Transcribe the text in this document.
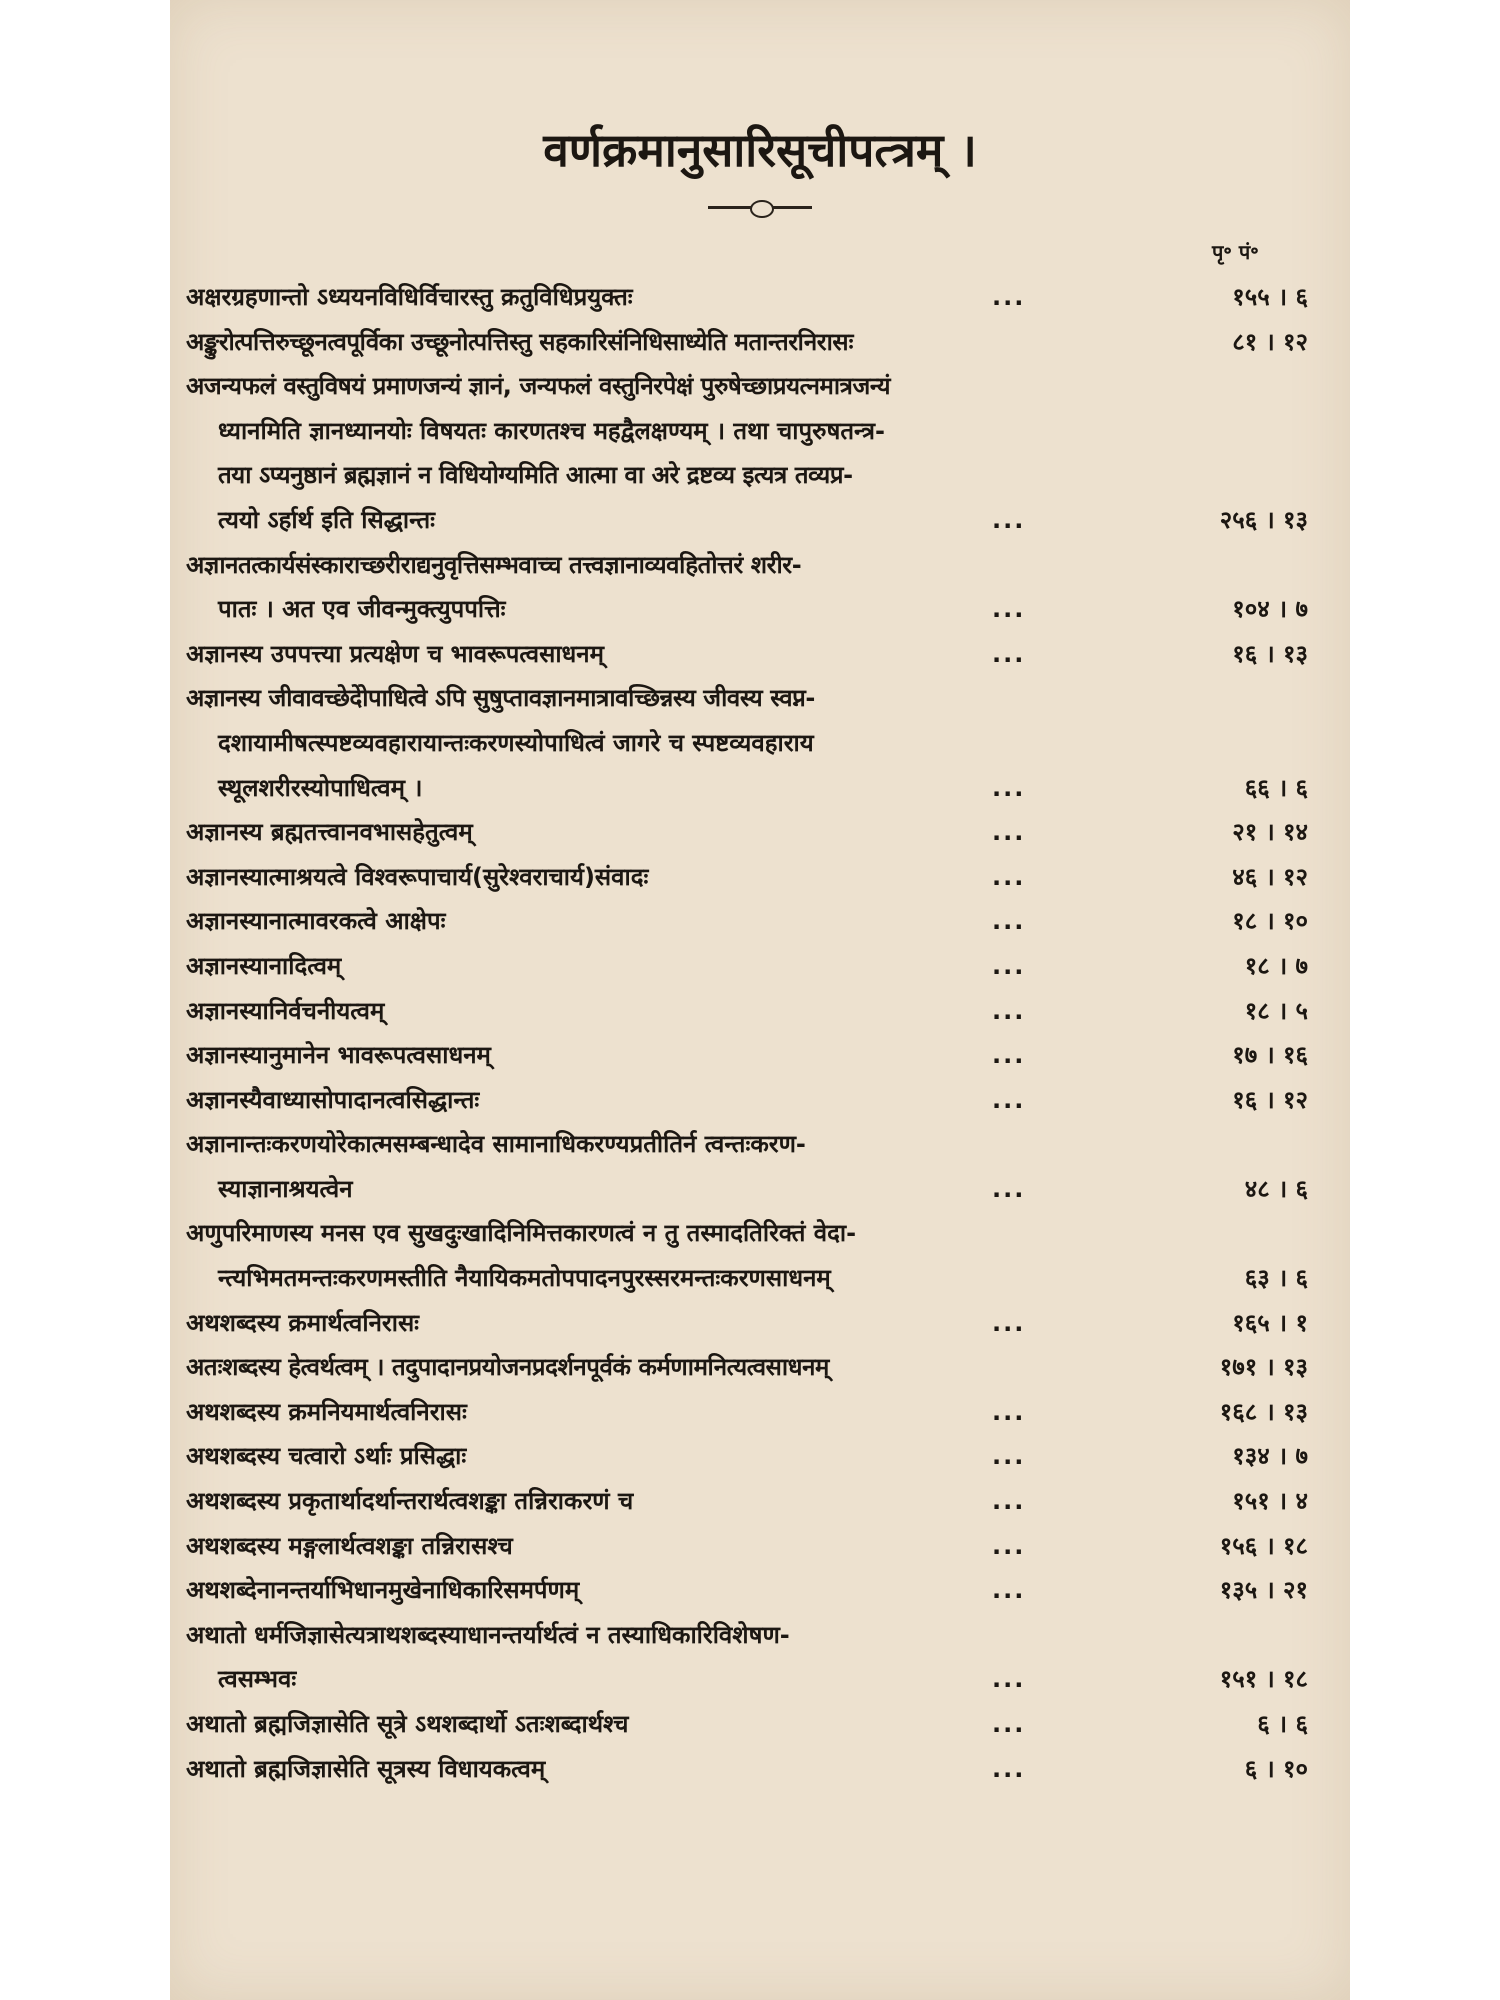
वर्णक्रमानुसारिसूचीपत्त्रम् ।
पृ॰ पं॰
अक्षरग्रहणान्तो ऽध्ययनविधिर्विचारस्तु क्रतुविधिप्रयुक्तः	...	१५५ । ६
अङ्कुरोत्पत्तिरुच्छूनत्वपूर्विका उच्छूनोत्पत्तिस्तु सहकारिसंनिधिसाध्येति मतान्तरनिरासः	८१ । १२
अजन्यफलं वस्तुविषयं प्रमाणजन्यं ज्ञानं, जन्यफलं वस्तुनिरपेक्षं पुरुषेच्छाप्रयत्नमात्रजन्यं
ध्यानमिति ज्ञानध्यानयोः विषयतः कारणतश्च महद्वैलक्षण्यम् । तथा चापुरुषतन्त्र-
तया ऽप्यनुष्ठानं ब्रह्मज्ञानं न विधियोग्यमिति आत्मा वा अरे द्रष्टव्य इत्यत्र तव्यप्र-
त्ययो ऽर्हार्थ इति सिद्धान्तः	...	२५६ । १३
अज्ञानतत्कार्यसंस्काराच्छरीराद्यनुवृत्तिसम्भवाच्च तत्त्वज्ञानाव्यवहितोत्तरं शरीर-
पातः । अत एव जीवन्मुक्त्युपपत्तिः	...	१०४ । ७
अज्ञानस्य उपपत्त्या प्रत्यक्षेण च भावरूपत्वसाधनम्	...	१६ । १३
अज्ञानस्य जीवावच्छेदेोपाधित्वे ऽपि सुषुप्तावज्ञानमात्रावच्छिन्नस्य जीवस्य स्वप्न-
दशायामीषत्स्पष्टव्यवहारायान्तःकरणस्योपाधित्वं जागरे च स्पष्टव्यवहाराय
स्थूलशरीरस्योपाधित्वम् ।	...	६६ । ६
अज्ञानस्य ब्रह्मतत्त्वानवभासहेतुत्वम्	...	२१ । १४
अज्ञानस्यात्माश्रयत्वे विश्वरूपाचार्य(सुरेश्वराचार्य)संवादः	...	४६ । १२
अज्ञानस्यानात्मावरकत्वे आक्षेपः	...	१८ । १०
अज्ञानस्यानादित्वम्	...	१८ । ७
अज्ञानस्यानिर्वचनीयत्वम्	...	१८ । ५
अज्ञानस्यानुमानेन भावरूपत्वसाधनम्	...	१७ । १६
अज्ञानस्यैवाध्यासोपादानत्वसिद्धान्तः	...	१६ । १२
अज्ञानान्तःकरणयोरेकात्मसम्बन्धादेव सामानाधिकरण्यप्रतीतिर्न त्वन्तःकरण-
स्याज्ञानाश्रयत्वेन	...	४८ । ६
अणुपरिमाणस्य मनस एव सुखदुःखादिनिमित्तकारणत्वं न तु तस्मादतिरिक्तं वेदा-
न्त्यभिमतमन्तःकरणमस्तीति नैयायिकमतोपपादनपुरस्सरमन्तःकरणसाधनम्	६३ । ६
अथशब्दस्य क्रमार्थत्वनिरासः	...	१६५ । १
अतःशब्दस्य हेत्वर्थत्वम् । तदुपादानप्रयोजनप्रदर्शनपूर्वकं कर्मणामनित्यत्वसाधनम्	१७१ । १३
अथशब्दस्य क्रमनियमार्थत्वनिरासः	...	१६८ । १३
अथशब्दस्य चत्वारो ऽर्थाः प्रसिद्धाः	...	१३४ । ७
अथशब्दस्य प्रकृतार्थादर्थान्तरार्थत्वशङ्का तन्निराकरणं च	...	१५१ । ४
अथशब्दस्य मङ्गलार्थत्वशङ्का तन्निरासश्च	...	१५६ । १८
अथशब्देनानन्तर्याभिधानमुखेनाधिकारिसमर्पणम्	...	१३५ । २१
अथातो धर्मजिज्ञासेत्यत्राथशब्दस्याधानन्तर्यार्थत्वं न तस्याधिकारिविशेषण-
त्वसम्भवः	...	१५१ । १८
अथातो ब्रह्मजिज्ञासेति सूत्रे ऽथशब्दार्थो ऽतःशब्दार्थश्च	...	६ । ६
अथातो ब्रह्मजिज्ञासेति सूत्रस्य विधायकत्वम्	...	६ । १०
